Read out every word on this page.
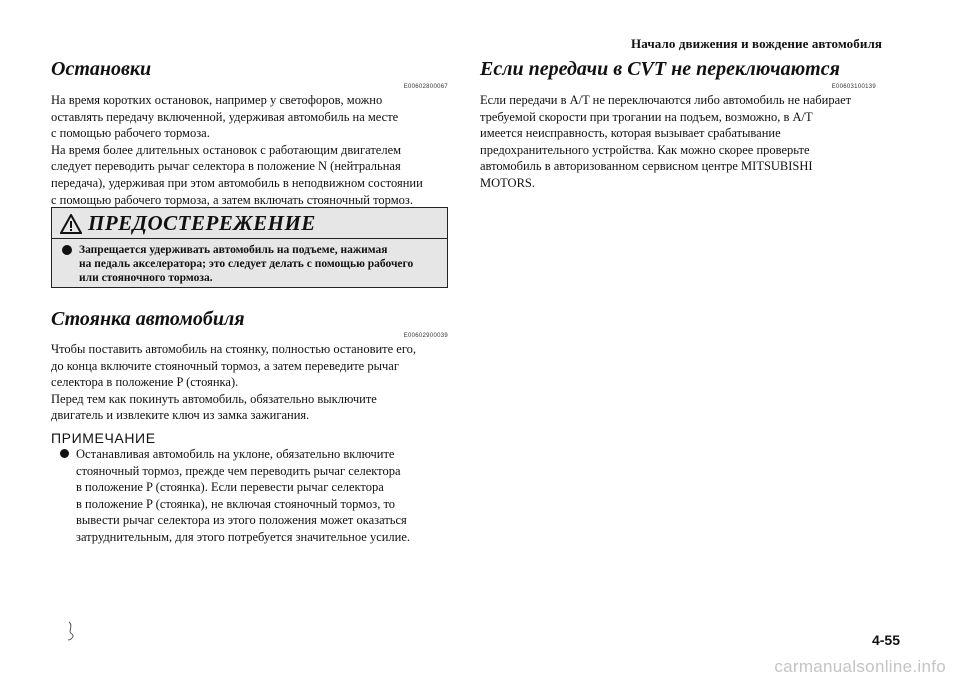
Начало движения и вождение автомобиля
Остановки
E00602800067

На время коротких остановок, например у светофоров, можно

оставлять передачу включенной, удерживая автомобиль на месте

с помощью рабочего тормоза.

На время более длительных остановок с работающим двигателем

следует переводить рычаг селектора в положение N (нейтральная

передача), удерживая при этом автомобиль в неподвижном состоянии

с помощью рабочего тормоза, а затем включать стояночный тормоз.

ПРЕДОСТЕРЕЖЕНИЕ
Запрещается удерживать автомобиль на подъеме, нажимая
на педаль акселератора; это следует делать с помощью рабочего
или стояночного тормоза.
Стоянка автомобиля
E00602900039

Чтобы поставить автомобиль на стоянку, полностью остановите его,

до конца включите стояночный тормоз, а затем переведите рычаг

селектора в положение P (стоянка).

Перед тем как покинуть автомобиль, обязательно выключите

двигатель и извлеките ключ из замка зажигания.

ПРИМЕЧАНИЕ

Останавливая автомобиль на уклоне, обязательно включите

стояночный тормоз, прежде чем переводить рычаг селектора

в положение P (стоянка). Если перевести рычаг селектора

в положение P (стоянка), не включая стояночный тормоз, то

вывести рычаг селектора из этого положения может оказаться

затруднительным, для этого потребуется значительное усилие.

Если передачи в CVT не переключаются
E00603100139

Если передачи в A/T не переключаются либо автомобиль не набирает

требуемой скорости при трогании на подъем, возможно, в A/T

имеется неисправность, которая вызывает срабатывание

предохранительного устройства. Как можно скорее проверьте

автомобиль в авторизованном сервисном центре MITSUBISHI

MOTORS.

4-55
carmanualsonline.info
